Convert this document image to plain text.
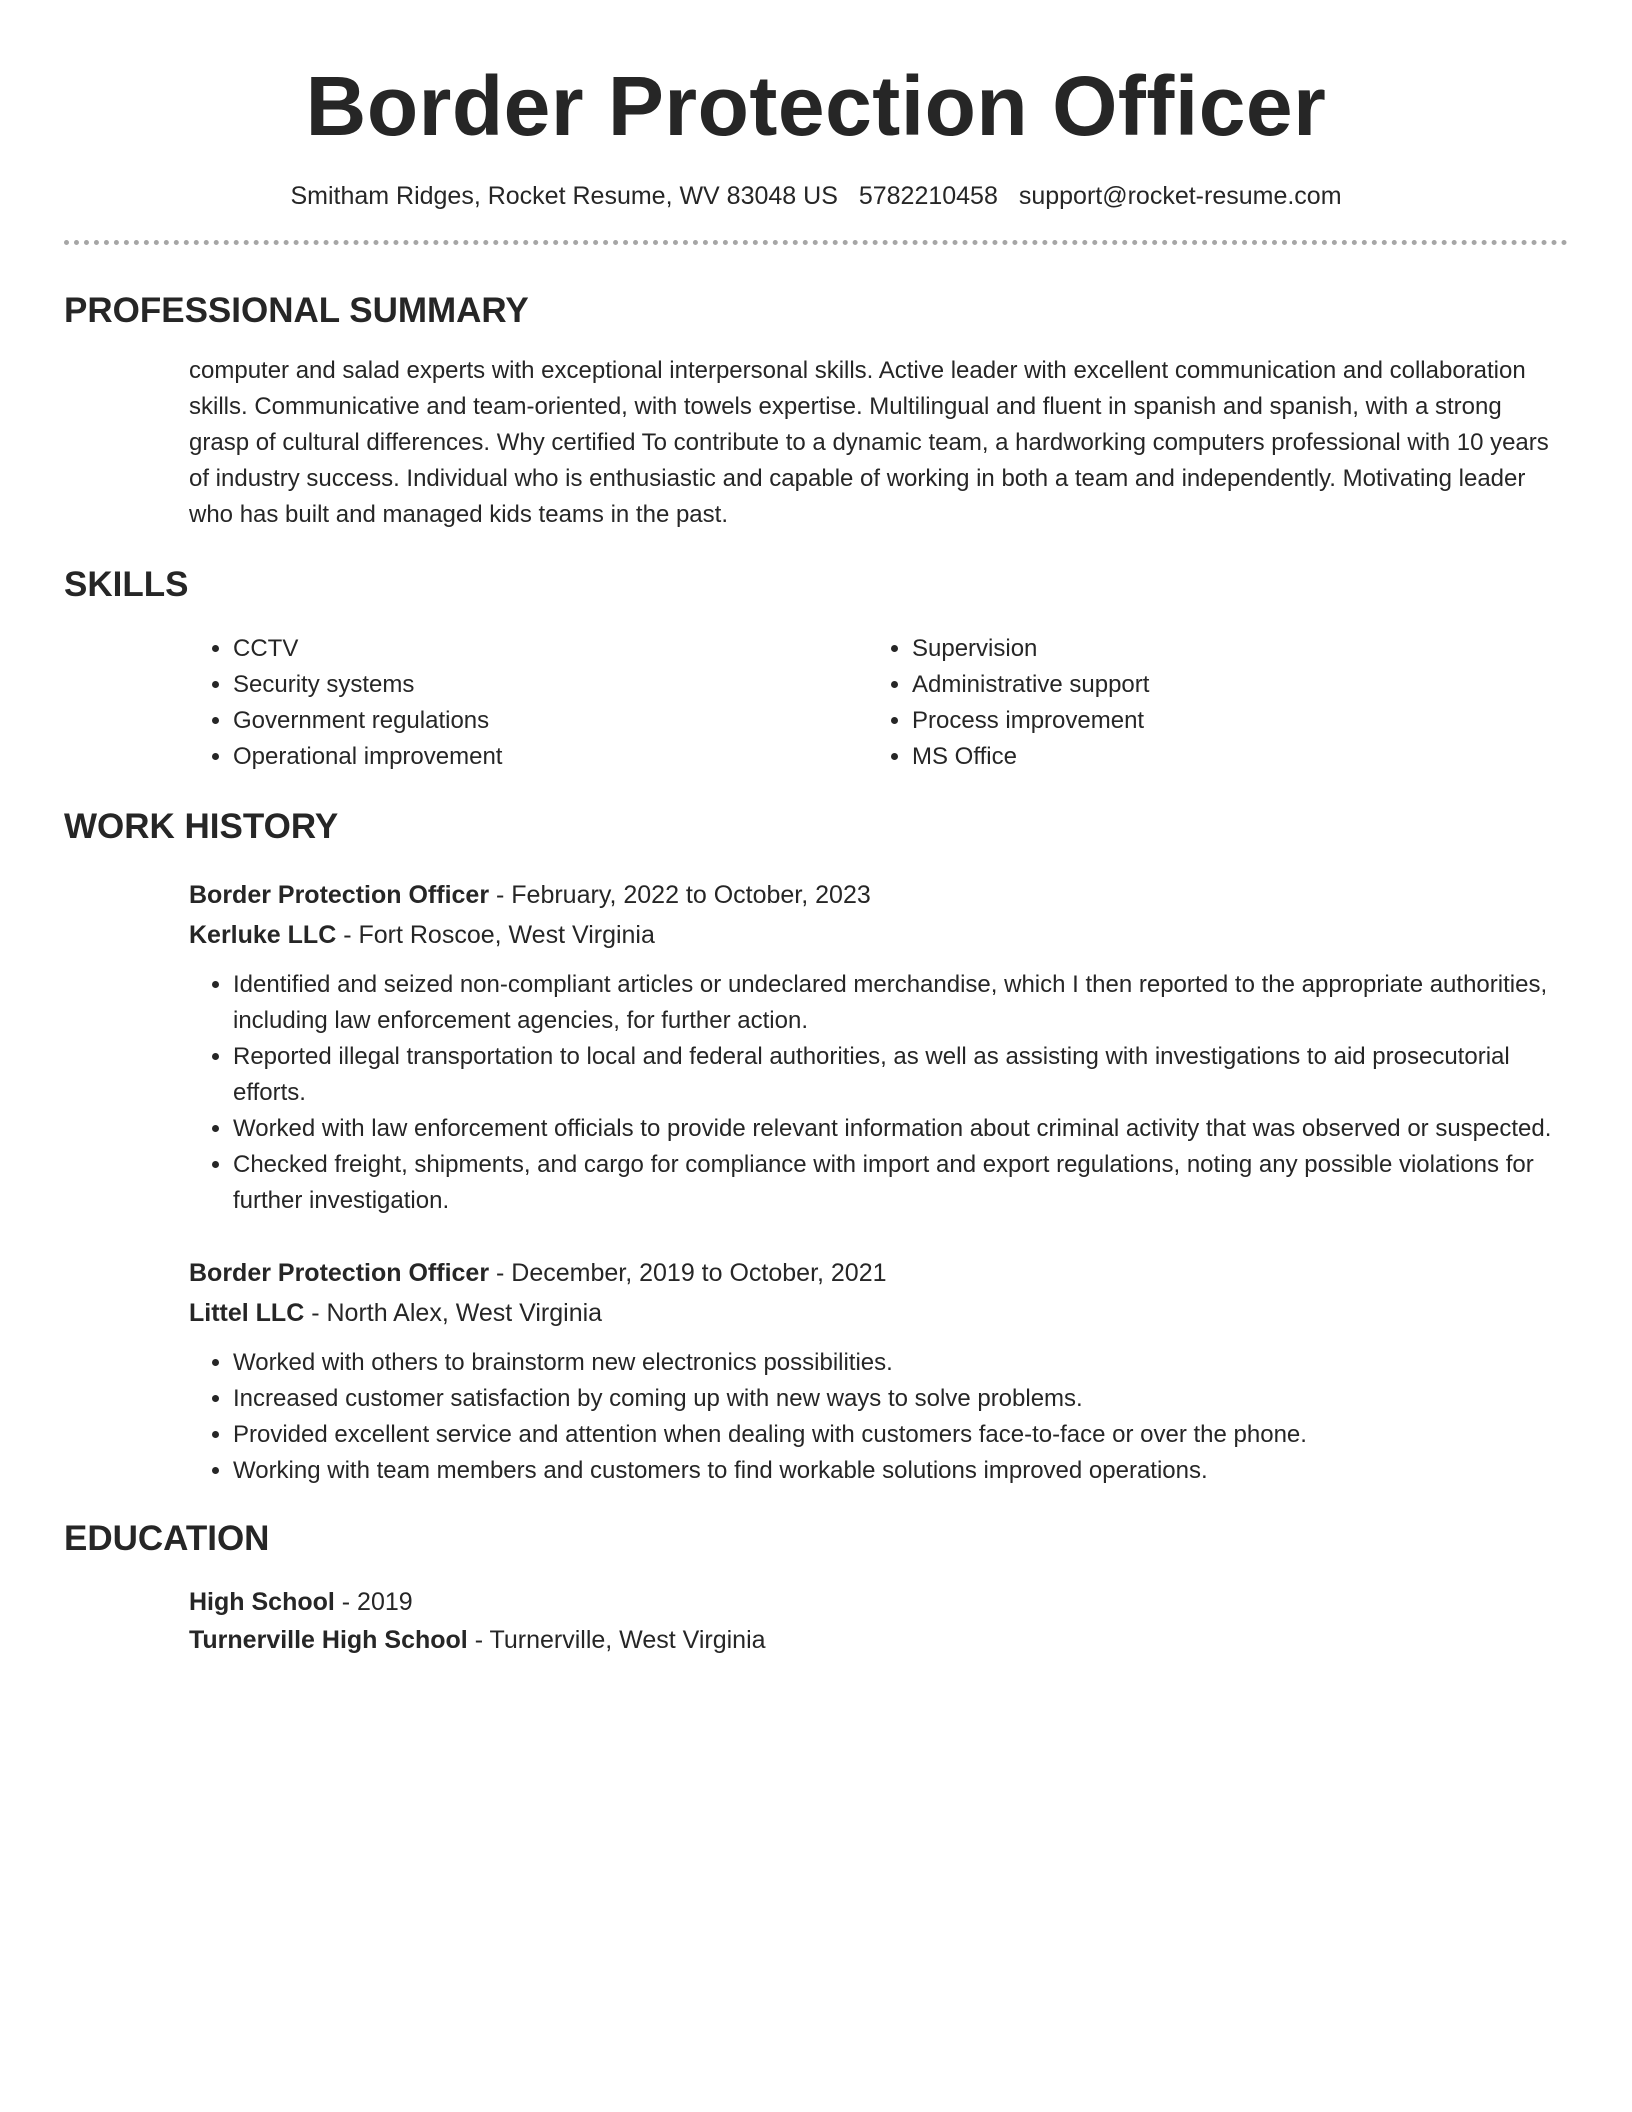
Border Protection Officer
Smitham Ridges, Rocket Resume, WV 83048 US 5782210458 support@rocket-resume.com
PROFESSIONAL SUMMARY

computer and salad experts with exceptional interpersonal skills. Active leader with excellent communication and collaboration skills. Communicative and team-oriented, with towels expertise. Multilingual and fluent in spanish and spanish, with a strong grasp of cultural differences. Why certified To contribute to a dynamic team, a hardworking computers professional with 10 years of industry success. Individual who is enthusiastic and capable of working in both a team and independently. Motivating leader who has built and managed kids teams in the past.

SKILLS
• CCTV
• Security systems
• Government regulations
• Operational improvement
• Supervision
• Administrative support
• Process improvement
• MS Office
WORK HISTORY
Border Protection Officer - February, 2022 to October, 2023
Kerluke LLC - Fort Roscoe, West Virginia
• Identified and seized non-compliant articles or undeclared merchandise, which I then reported to the appropriate authorities, including law enforcement agencies, for further action.
• Reported illegal transportation to local and federal authorities, as well as assisting with investigations to aid prosecutorial efforts.
• Worked with law enforcement officials to provide relevant information about criminal activity that was observed or suspected.
• Checked freight, shipments, and cargo for compliance with import and export regulations, noting any possible violations for further investigation.
Border Protection Officer - December, 2019 to October, 2021
Littel LLC - North Alex, West Virginia
• Worked with others to brainstorm new electronics possibilities.
• Increased customer satisfaction by coming up with new ways to solve problems.
• Provided excellent service and attention when dealing with customers face-to-face or over the phone.
• Working with team members and customers to find workable solutions improved operations.
EDUCATION
High School - 2019
Turnerville High School - Turnerville, West Virginia
